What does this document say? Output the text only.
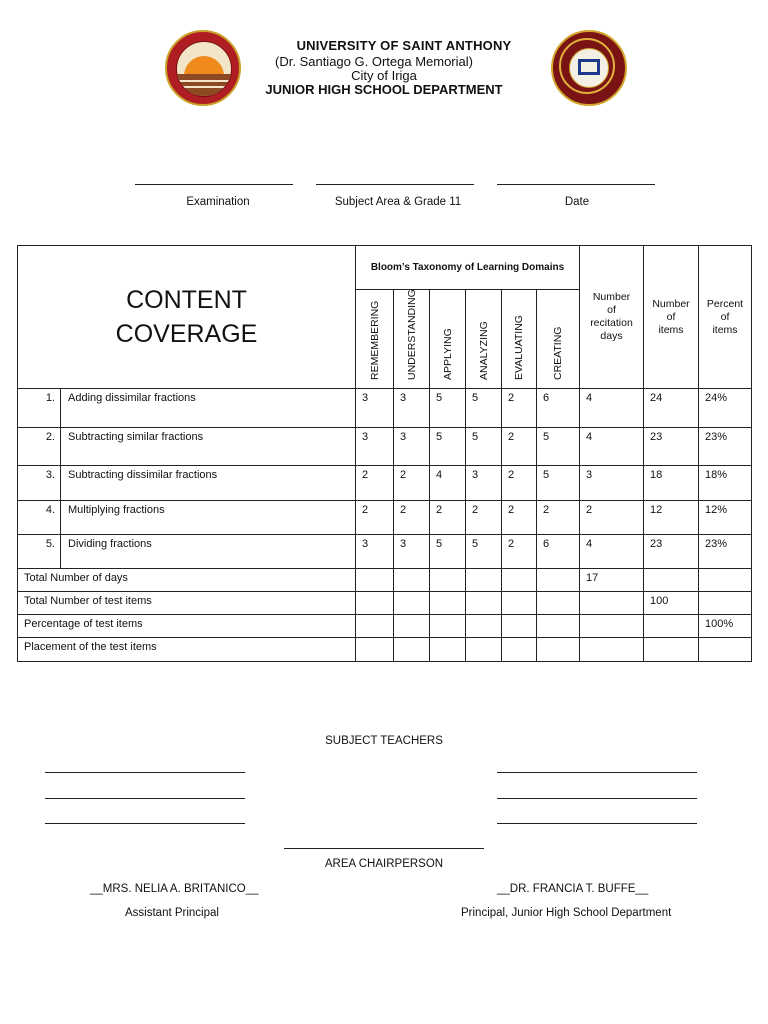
UNIVERSITY OF SAINT ANTHONY
(Dr. Santiago G. Ortega Memorial)
City of Iriga
JUNIOR HIGH SCHOOL DEPARTMENT
Examination	Subject Area & Grade 11	Date
CONTENT
COVERAGE		Bloom’s Taxonomy of Learning Domains						Number
of
recitation
days	Number
of
items	Percent
of
items

		REMEMBERING	UNDERSTANDING	APPLYING	ANALYZING	EVALUATING	CREATING			

1.	Adding dissimilar fractions	3	3	5	5	2	6	4	24	24%
2.	Subtracting similar fractions	3	3	5	5	2	5	4	23	23%
3.	Subtracting dissimilar fractions	2	2	4	3	2	5	3	18	18%
4.	Multiplying fractions	2	2	2	2	2	2	2	12	12%
5.	Dividing fractions	3	3	5	5	2	6	4	23	23%
Total Number of days								17		
Total Number of test items									100	
Percentage of test items										100%
Placement of the test items										
SUBJECT TEACHERS
AREA CHAIRPERSON
__MRS. NELIA A. BRITANICO__
Assistant Principal
__DR. FRANCIA T. BUFFE__
Principal, Junior High School Department
